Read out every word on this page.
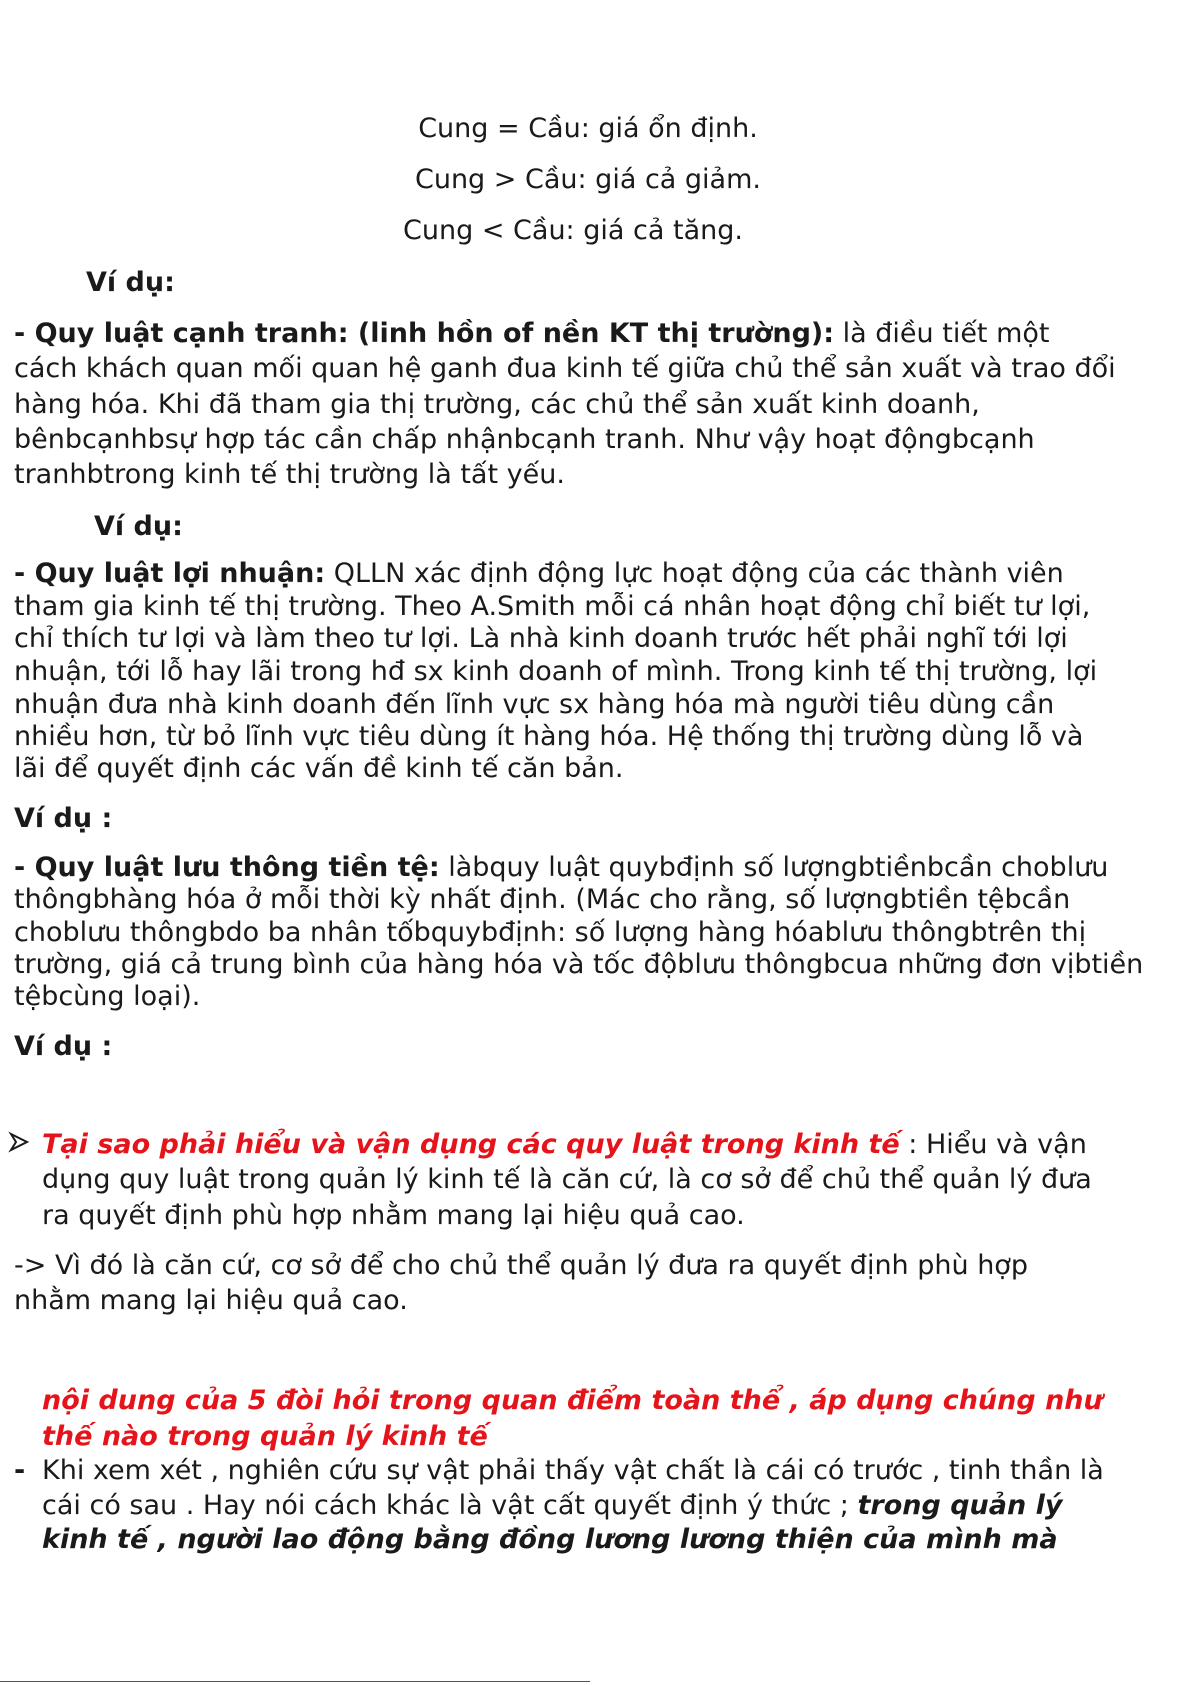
Cung = Cầu: giá ổn định.
Cung > Cầu: giá cả giảm.
Cung < Cầu: giá cả tăng.
Ví dụ:
- Quy luật cạnh tranh: (linh hồn of nền KT thị trường): là điều tiết một
cách khách quan mối quan hệ ganh đua kinh tế giữa chủ thể sản xuất và trao đổi
hàng hóa. Khi đã tham gia thị trường, các chủ thể sản xuất kinh doanh,
bênbcạnhbsự hợp tác cần chấp nhậnbcạnh tranh. Như vậy hoạt độngbcạnh
tranhbtrong kinh tế thị trường là tất yếu.
Ví dụ:
- Quy luật lợi nhuận: QLLN xác định động lực hoạt động của các thành viên
tham gia kinh tế thị trường. Theo A.Smith mỗi cá nhân hoạt động chỉ biết tư lợi,
chỉ thích tư lợi và làm theo tư lợi. Là nhà kinh doanh trước hết phải nghĩ tới lợi
nhuận, tới lỗ hay lãi trong hđ sx kinh doanh of mình. Trong kinh tế thị trường, lợi
nhuận đưa nhà kinh doanh đến lĩnh vực sx hàng hóa mà người tiêu dùng cần
nhiều hơn, từ bỏ lĩnh vực tiêu dùng ít hàng hóa. Hệ thống thị trường dùng lỗ và
lãi để quyết định các vấn đề kinh tế căn bản.
Ví dụ :
- Quy luật lưu thông tiền tệ: làbquy luật quybđịnh số lượngbtiềnbcần choblưu
thôngbhàng hóa ở mỗi thời kỳ nhất định. (Mác cho rằng, số lượngbtiền tệbcần
choblưu thôngbdo ba nhân tốbquybđịnh: số lượng hàng hóablưu thôngbtrên thị
trường, giá cả trung bình của hàng hóa và tốc độblưu thôngbcua những đơn vịbtiền
tệbcùng loại).
Ví dụ :
Tại sao phải hiểu và vận dụng các quy luật trong kinh tế : Hiểu và vận
dụng quy luật trong quản lý kinh tế là căn cứ, là cơ sở để chủ thể quản lý đưa
ra quyết định phù hợp nhằm mang lại hiệu quả cao.
-> Vì đó là căn cứ, cơ sở để cho chủ thể quản lý đưa ra quyết định phù hợp
nhằm mang lại hiệu quả cao.
nội dung của 5 đòi hỏi trong quan điểm toàn thể , áp dụng chúng như
thế nào trong quản lý kinh tế
- Khi xem xét , nghiên cứu sự vật phải thấy vật chất là cái có trước , tinh thần là
cái có sau . Hay nói cách khác là vật cất quyết định ý thức ; trong quản lý
kinh tế , người lao động bằng đồng lương lương thiện của mình mà
